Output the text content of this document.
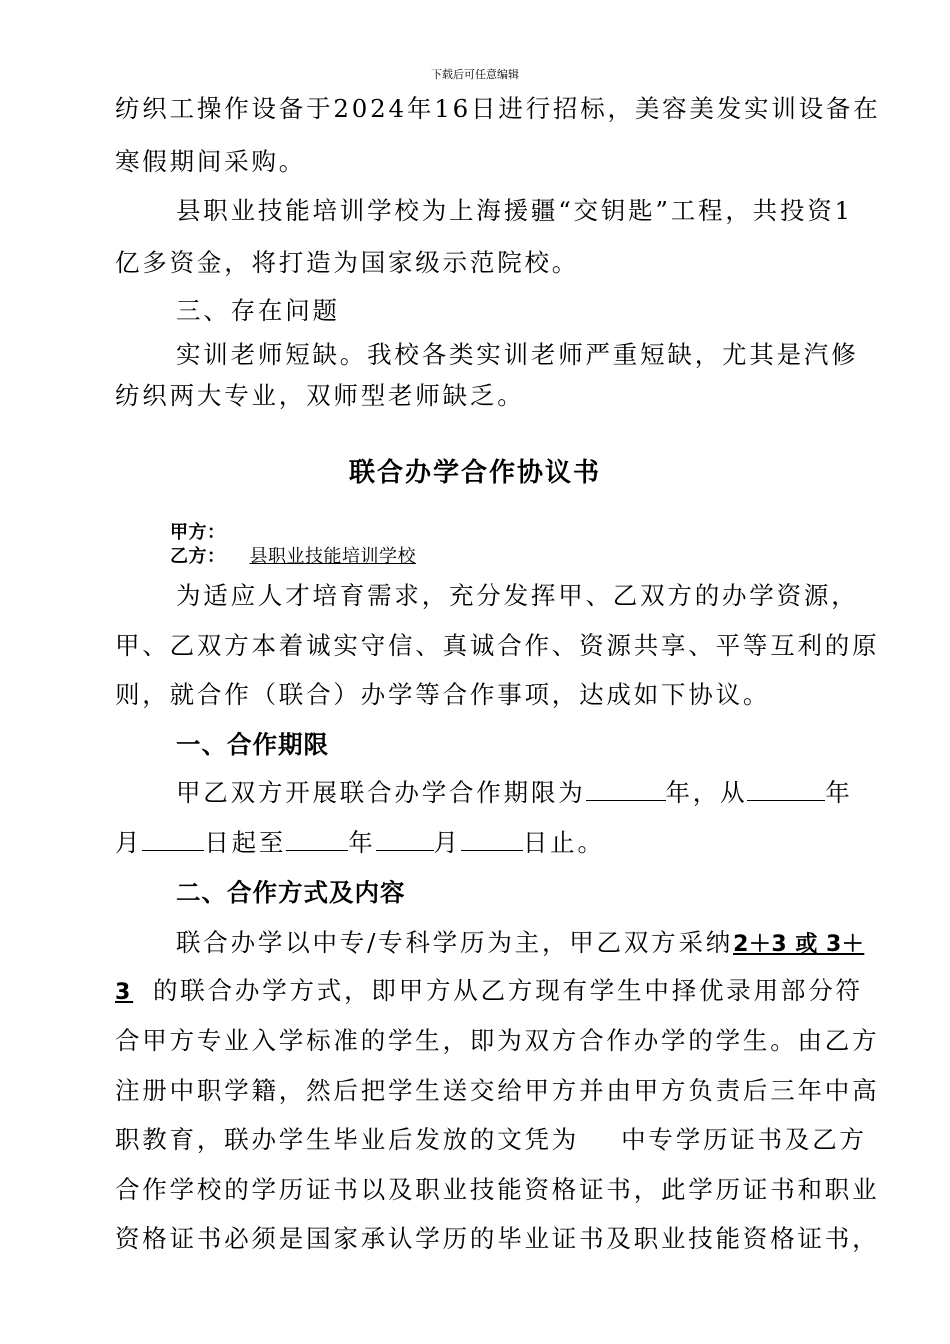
下载后可任意编辑
纺织工操作设备于2024年16日进行招标，美容美发实训设备在
寒假期间采购。
县职业技能培训学校为上海援疆“交钥匙”工程，共投资1
亿多资金，将打造为国家级示范院校。
三、存在问题
实训老师短缺。我校各类实训老师严重短缺，尤其是汽修
纺织两大专业，双师型老师缺乏。
联合办学合作协议书
甲方：
乙方： 县职业技能培训学校
为适应人才培育需求，充分发挥甲、乙双方的办学资源，
甲、乙双方本着诚实守信、真诚合作、资源共享、平等互利的原
则，就合作（联合）办学等合作事项，达成如下协议。
一、合作期限
甲乙双方开展联合办学合作期限为	年，从	年
月	日起至	年 月	日止。
二、合作方式及内容
联合办学以中专/专科学历为主，甲乙双方采纳2＋3 或 3＋
3 的联合办学方式，即甲方从乙方现有学生中择优录用部分符
合甲方专业入学标准的学生，即为双方合作办学的学生。由乙方
注册中职学籍，然后把学生送交给甲方并由甲方负责后三年中高
职教育，联办学生毕业后发放的文凭为 中专学历证书及乙方
合作学校的学历证书以及职业技能资格证书，此学历证书和职业
资格证书必须是国家承认学历的毕业证书及职业技能资格证书，
